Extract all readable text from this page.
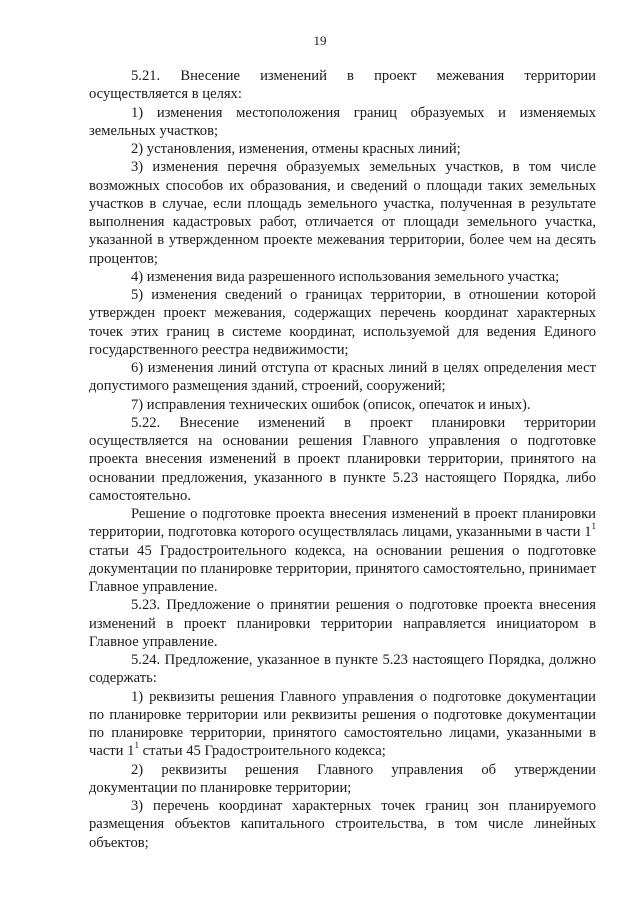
19

5.21. Внесение изменений в проект межевания территории осуществляется в целях:

1) изменения местоположения границ образуемых и изменяемых земельных участков;

2) установления, изменения, отмены красных линий;

3) изменения перечня образуемых земельных участков, в том числе возможных способов их образования, и сведений о площади таких земельных участков в случае, если площадь земельного участка, полученная в результате выполнения кадастровых работ, отличается от площади земельного участка, указанной в утвержденном проекте межевания территории, более чем на десять процентов;

4) изменения вида разрешенного использования земельного участка;

5) изменения сведений о границах территории, в отношении которой утвержден проект межевания, содержащих перечень координат характерных точек этих границ в системе координат, используемой для ведения Единого государственного реестра недвижимости;

6) изменения линий отступа от красных линий в целях определения мест допустимого размещения зданий, строений, сооружений;

7) исправления технических ошибок (описок, опечаток и иных).

5.22. Внесение изменений в проект планировки территории осуществляется на основании решения Главного управления о подготовке проекта внесения изменений в проект планировки территории, принятого на основании предложения, указанного в пункте 5.23 настоящего Порядка, либо самостоятельно.

Решение о подготовке проекта внесения изменений в проект планировки территории, подготовка которого осуществлялась лицами, указанными в части $1^1$ статьи 45 Градостроительного кодекса, на основании решения о подготовке документации по планировке территории, принятого самостоятельно, принимает Главное управление.

5.23. Предложение о принятии решения о подготовке проекта внесения изменений в проект планировки территории направляется инициатором в Главное управление.

5.24. Предложение, указанное в пункте 5.23 настоящего Порядка, должно содержать:

1) реквизиты решения Главного управления о подготовке документации по планировке территории или реквизиты решения о подготовке документации по планировке территории, принятого самостоятельно лицами, указанными в части $1^1$ статьи 45 Градостроительного кодекса;

2) реквизиты решения Главного управления об утверждении документации по планировке территории;

3) перечень координат характерных точек границ зон планируемого размещения объектов капитального строительства, в том числе линейных объектов;
